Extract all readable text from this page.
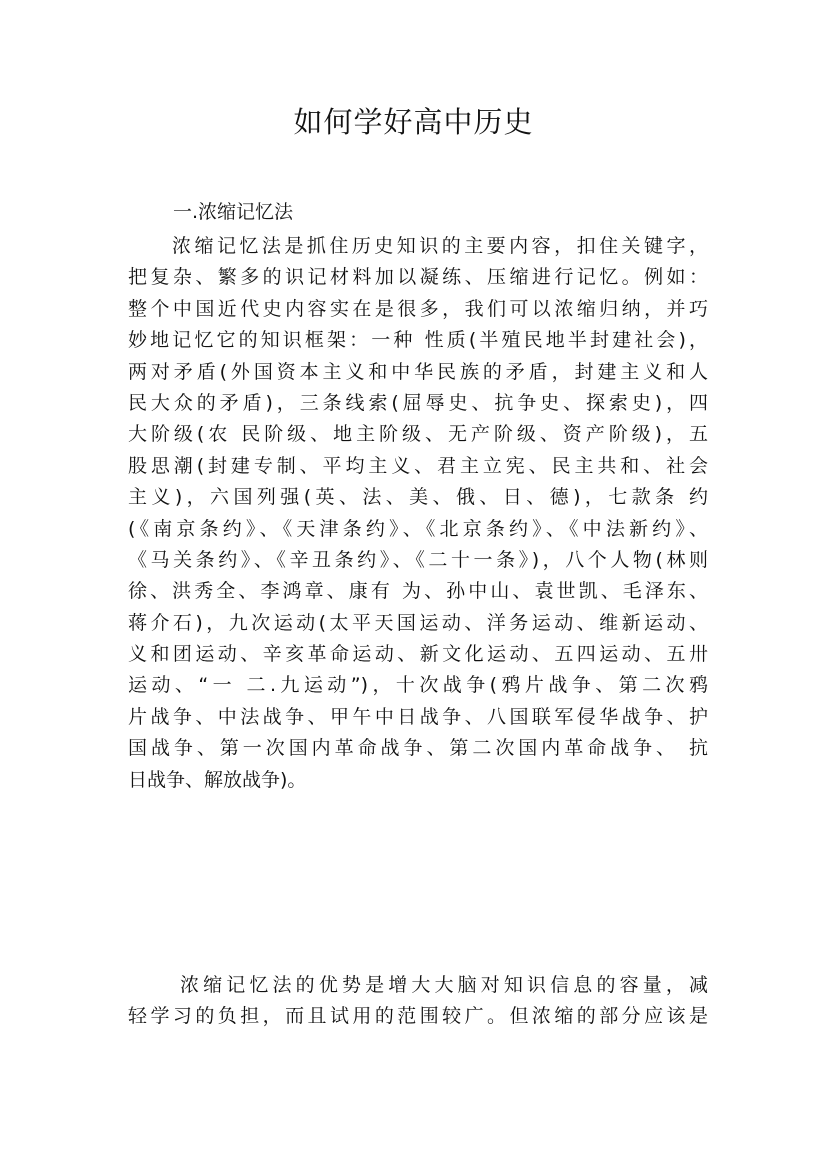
如何学好高中历史

一.浓缩记忆法

浓缩记忆法是抓住历史知识的主要内容，扣住关键字，
把复杂、繁多的识记材料加以凝练、压缩进行记忆。例如：
整个中国近代史内容实在是很多，我们可以浓缩归纳，并巧
妙地记忆它的知识框架：一种 性质(半殖民地半封建社会)，
两对矛盾(外国资本主义和中华民族的矛盾，封建主义和人
民大众的矛盾)，三条线索(屈辱史、抗争史、探索史)，四
大阶级(农 民阶级、地主阶级、无产阶级、资产阶级)，五
股思潮(封建专制、平均主义、君主立宪、民主共和、社会
主义)，六国列强(英、法、美、俄、日、德)，七款条 约
(《南京条约》、《天津条约》、《北京条约》、《中法新约》、
《马关条约》、《辛丑条约》、《二十一条》)，八个人物(林则
徐、洪秀全、李鸿章、康有 为、孙中山、袁世凯、毛泽东、
蒋介石)，九次运动(太平天国运动、洋务运动、维新运动、
义和团运动、辛亥革命运动、新文化运动、五四运动、五卅
运动、“一 二.九运动”)，十次战争(鸦片战争、第二次鸦
片战争、中法战争、甲午中日战争、八国联军侵华战争、护
国战争、第一次国内革命战争、第二次国内革命战争、 抗
日战争、解放战争)。
浓缩记忆法的优势是增大大脑对知识信息的容量，减
轻学习的负担，而且试用的范围较广。但浓缩的部分应该是
